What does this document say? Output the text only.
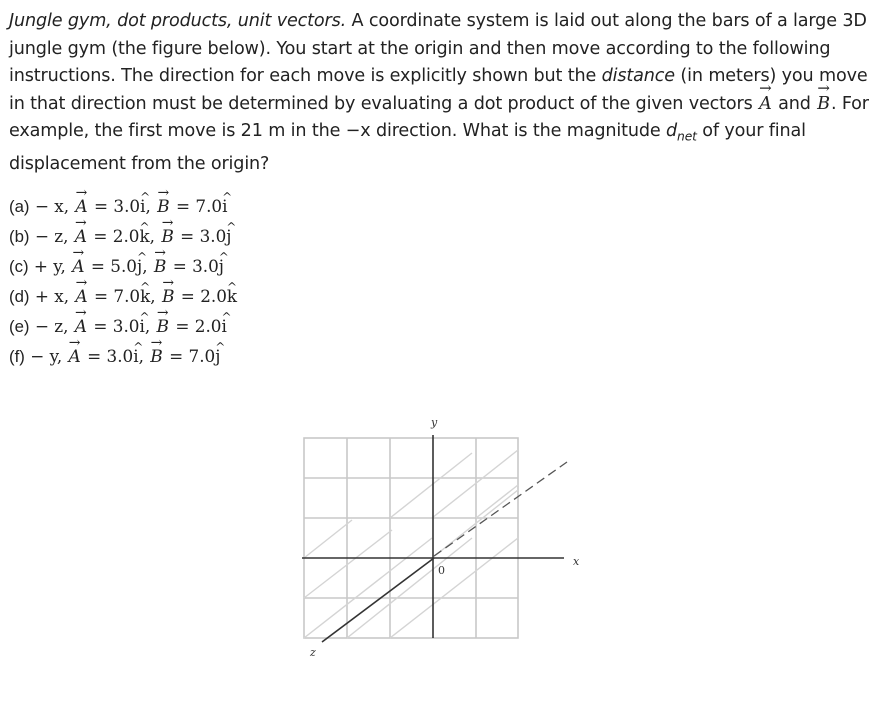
Jungle gym, dot products, unit vectors. A coordinate system is laid out along the bars of a large 3D jungle gym (the figure below). You start at the origin and then move according to the following instructions. The direction for each move is explicitly shown but the distance (in meters) you move in that direction must be determined by evaluating a dot product of the given vectors → A and → B. For example, the first move is 21 m in the −x direction. What is the magnitude $d_{net}$ of your final displacement from the origin?

(a) − x, → A = 3.0^ i, → B = 7.0^ i
(b) − z, → A = 2.0^ k, → B = 3.0^ j
(c) + y, → A = 5.0^ j, → B = 3.0^ j
(d) + x, → A = 7.0^ k, → B = 2.0^ k
(e) − z, → A = 3.0^ i, → B = 2.0^ i
(f) − y, → A = 3.0^ i, → B = 7.0^ j
y
x
z
0
